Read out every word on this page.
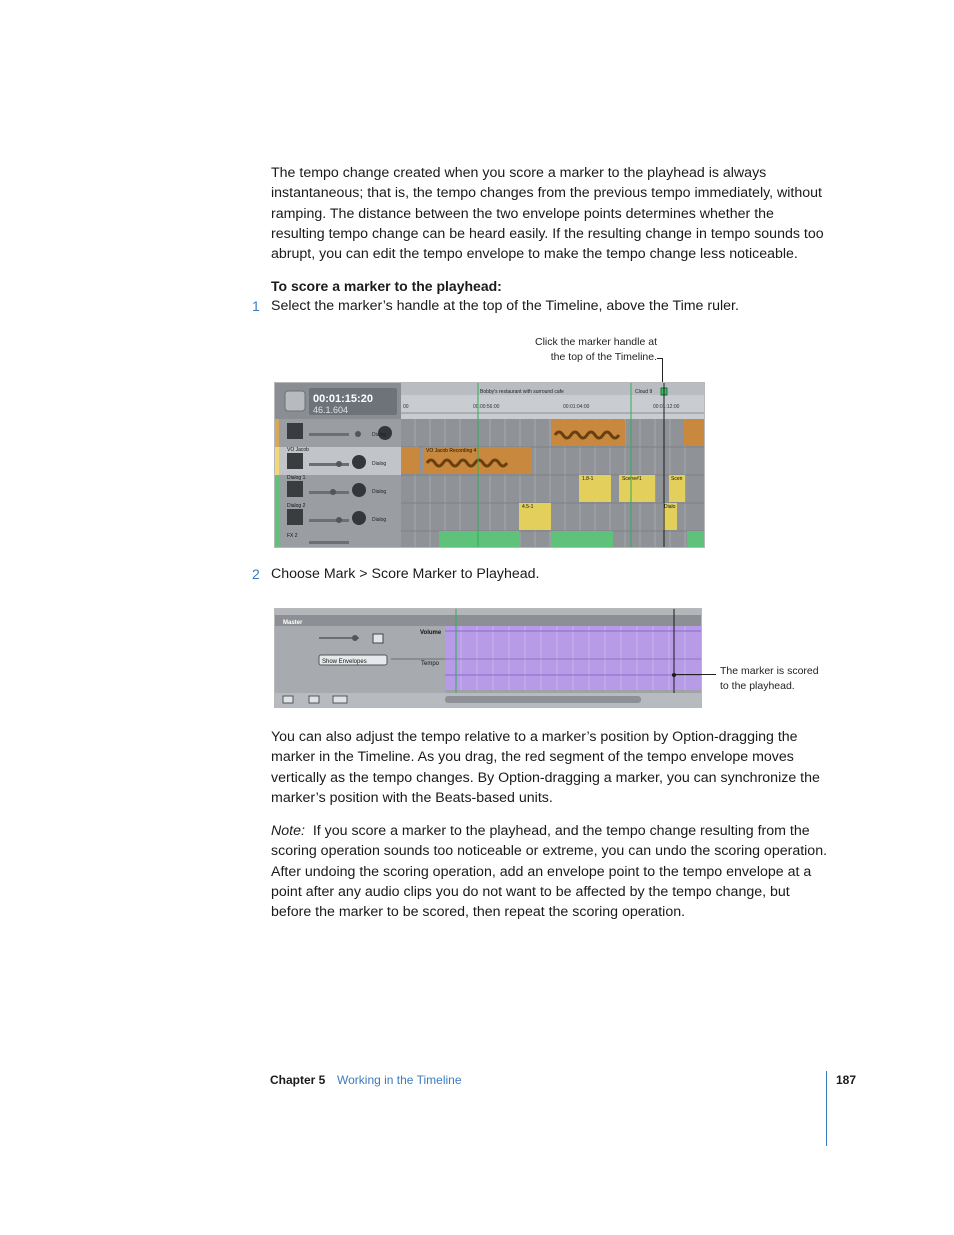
The tempo change created when you score a marker to the playhead is always instantaneous; that is, the tempo changes from the previous tempo immediately, without ramping. The distance between the two envelope points determines whether the resulting tempo change can be heard easily. If the resulting change in tempo sounds too abrupt, you can edit the tempo envelope to make the tempo change less noticeable.

To score a marker to the playhead:

1 Select the marker’s handle at the top of the Timeline, above the Time ruler.
Click the marker handle at
the top of the Timeline.
00:01:15:20
46.1.604
Bobby's restaurant with surround cafe	Cloud 9
00	00:00:56:00	00:01:04:00	00:01:12:00
Dialog
VO Jacob
Dialog
Dialog 1
Dialog
Dialog 2
Dialog
FX 2
VO Jacob Recording 4
1.8-1	Scene#1	Scen
4.5-1	Dialo
2 Choose Mark > Score Marker to Playhead.
Master
Volume
Show Envelopes	Tempo
The marker is scored
to the playhead.

You can also adjust the tempo relative to a marker’s position by Option-dragging the marker in the Timeline. As you drag, the red segment of the tempo envelope moves vertically as the tempo changes. By Option-dragging a marker, you can synchronize the marker’s position with the Beats-based units.

Note: If you score a marker to the playhead, and the tempo change resulting from the scoring operation sounds too noticeable or extreme, you can undo the scoring operation. After undoing the scoring operation, add an envelope point to the tempo envelope at a point after any audio clips you do not want to be affected by the tempo change, but before the marker to be scored, then repeat the scoring operation.

Chapter 5 Working in the Timeline	187
